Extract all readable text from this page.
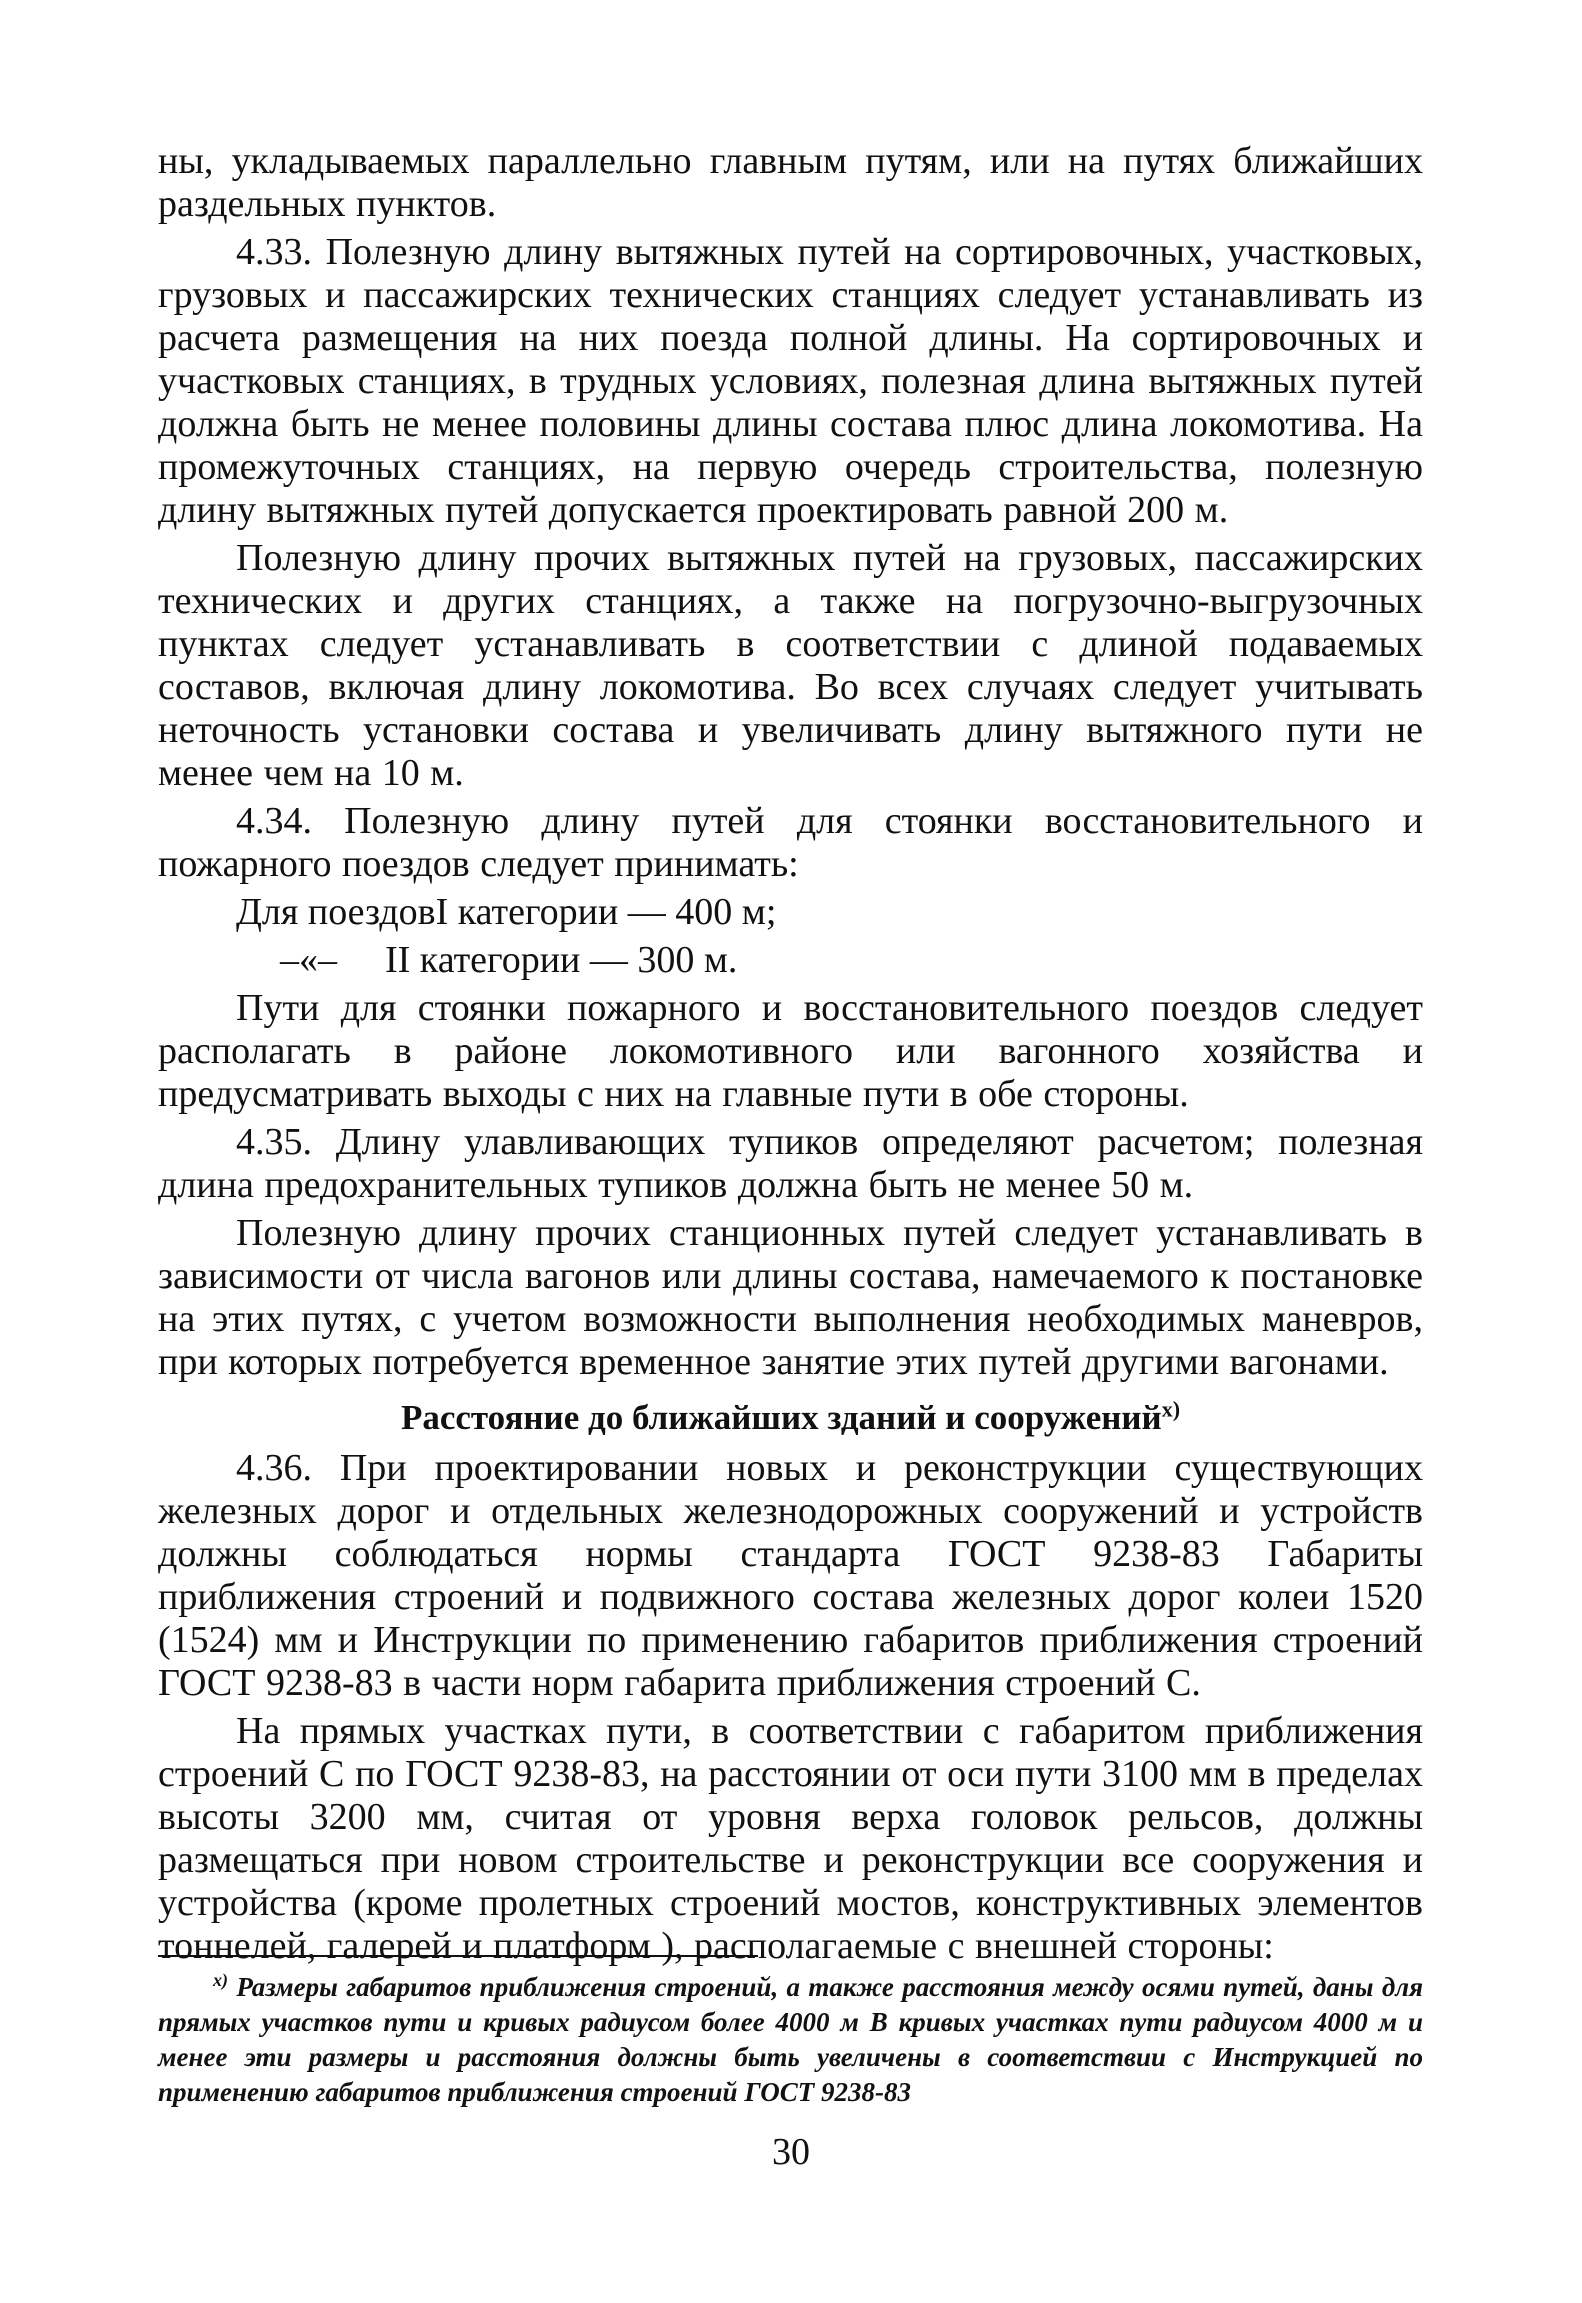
ны, укладываемых параллельно главным путям, или на путях ближайших раздельных пунктов.

4.33. Полезную длину вытяжных путей на сортировочных, участковых, грузовых и пассажирских технических станциях следует устанавливать из расчета размещения на них поезда полной длины. На сортировочных и участковых станциях, в трудных условиях, полезная длина вытяжных путей должна быть не менее половины длины состава плюс длина локомотива. На промежуточных станциях, на первую очередь строительства, полезную длину вытяжных путей допускается проектировать равной 200 м.

Полезную длину прочих вытяжных путей на грузовых, пассажирских технических и других станциях, а также на погрузочно-выгрузочных пунктах следует устанавливать в соответствии с длиной подаваемых составов, включая длину локомотива. Во всех случаях следует учитывать неточность установки состава и увеличивать длину вытяжного пути не менее чем на 10 м.

4.34. Полезную длину путей для стоянки восстановительного и пожарного поездов следует принимать:

Для поездовI категории — 400 м;
–«– II категории — 300 м.

Пути для стоянки пожарного и восстановительного поездов следует располагать в районе локомотивного или вагонного хозяйства и предусматривать выходы с них на главные пути в обе стороны.

4.35. Длину улавливающих тупиков определяют расчетом; полезная длина предохранительных тупиков должна быть не менее 50 м.

Полезную длину прочих станционных путей следует устанавливать в зависимости от числа вагонов или длины состава, намечаемого к постановке на этих путях, с учетом возможности выполнения необходимых маневров, при которых потребуется временное занятие этих путей другими вагонами.

Расстояние до ближайших зданий и сооружений$^{х)}$

4.36. При проектировании новых и реконструкции существующих железных дорог и отдельных железнодорожных сооружений и устройств должны соблюдаться нормы стандарта ГОСТ 9238-83 Габариты приближения строений и подвижного состава железных дорог колеи 1520 (1524) мм и Инструкции по применению габаритов приближения строений ГОСТ 9238-83 в части норм габарита приближения строений С.

На прямых участках пути, в соответствии с габаритом приближения строений С по ГОСТ 9238-83, на расстоянии от оси пути 3100 мм в пределах высоты 3200 мм, считая от уровня верха головок рельсов, должны размещаться при новом строительстве и реконструкции все сооружения и устройства (кроме пролетных строений мостов, конструктивных элементов тоннелей, галерей и платформ ), располагаемые с внешней стороны:

$^{х)}$ Размеры габаритов приближения строений, а также расстояния между осями путей, даны для прямых участков пути и кривых радиусом более 4000 м В кривых участках пути радиусом 4000 м и менее эти размеры и расстояния должны быть увеличены в соответствии с Инструкцией по применению габаритов приближения строений ГОСТ 9238-83
30
